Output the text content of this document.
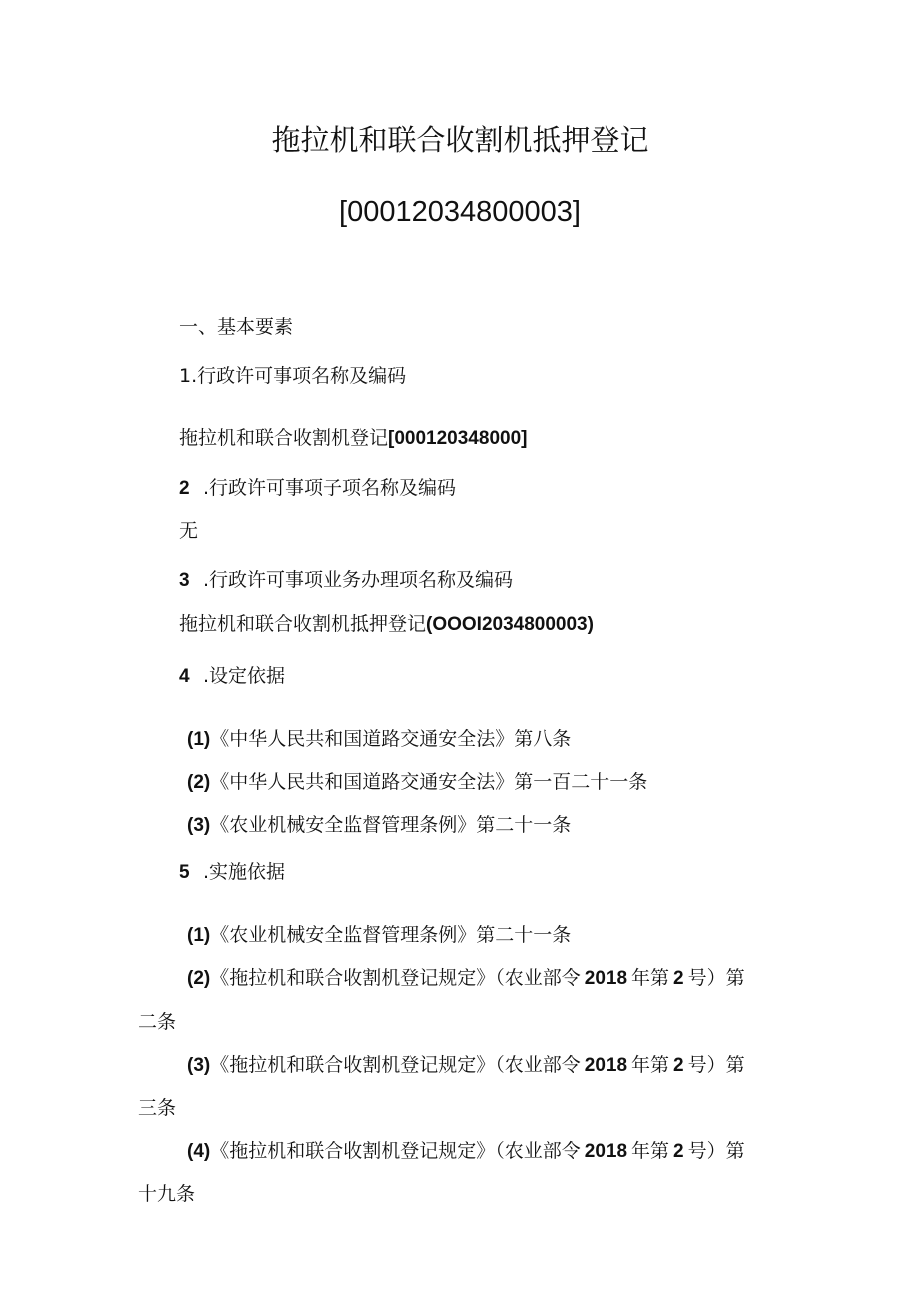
拖拉机和联合收割机抵押登记
[00012034800003]
一、基本要素
1.行政许可事项名称及编码
拖拉机和联合收割机登记[000120348000]
2 .行政许可事项子项名称及编码
无
3 .行政许可事项业务办理项名称及编码
拖拉机和联合收割机抵押登记(OOOI2034800003)
4 .设定依据
(1)《中华人民共和国道路交通安全法》第八条
(2)《中华人民共和国道路交通安全法》第一百二十一条
(3)《农业机械安全监督管理条例》第二十一条
5 .实施依据
(1)《农业机械安全监督管理条例》第二十一条
(2)《拖拉机和联合收割机登记规定》（农业部令 2018 年第 2 号）第
二条
(3)《拖拉机和联合收割机登记规定》（农业部令 2018 年第 2 号）第
三条
(4)《拖拉机和联合收割机登记规定》（农业部令 2018 年第 2 号）第
十九条
